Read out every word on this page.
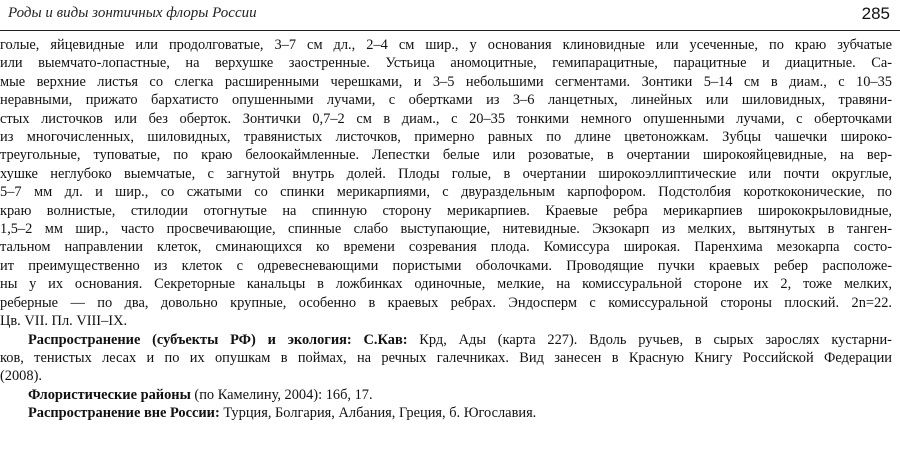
Роды и виды зонтичных флоры России	285
голые, яйцевидные или продолговатые, 3–7 см дл., 2–4 см шир., у основания клиновидные или усеченные, по краю зубчатые
или выемчато-лопастные, на верхушке заостренные. Устьица аномоцитные, гемипарацитные, парацитные и диацитные. Са-
мые верхние листья со слегка расширенными черешками, и 3–5 небольшими сегментами. Зонтики 5–14 см в диам., с 10–35
неравными, прижато бархатисто опушенными лучами, с обертками из 3–6 ланцетных, линейных или шиловидных, травяни-
стых листочков или без оберток. Зонтички 0,7–2 см в диам., с 20–35 тонкими немного опушенными лучами, с оберточками
из многочисленных, шиловидных, травянистых листочков, примерно равных по длине цветоножкам. Зубцы чашечки широко-
треугольные, туповатые, по краю белоокаймленные. Лепестки белые или розоватые, в очертании широкояйцевидные, на вер-
хушке неглубоко выемчатые, с загнутой внутрь долей. Плоды голые, в очертании широкоэллиптические или почти округлые,
5–7 мм дл. и шир., со сжатыми со спинки мерикарпиями, с двураздельным карпофором. Подстолбия короткоконические, по
краю волнистые, стилодии отогнутые на спинную сторону мерикарпиев. Краевые ребра мерикарпиев ширококрыловидные,
1,5–2 мм шир., часто просвечивающие, спинные слабо выступающие, нитевидные. Экзокарп из мелких, вытянутых в танген-
тальном направлении клеток, сминающихся ко времени созревания плода. Комиссура широкая. Паренхима мезокарпа состо-
ит преимущественно из клеток с одревесневающими пористыми оболочками. Проводящие пучки краевых ребер расположе-
ны у их основания. Секреторные канальцы в ложбинках одиночные, мелкие, на комиссуральной стороне их 2, тоже мелких,
реберные — по два, довольно крупные, особенно в краевых ребрах. Эндосперм с комиссуральной стороны плоский. 2n=22.
Цв. VII. Пл. VIII–IX.
Распространение (субъекты РФ) и экология: С.Кав: Крд, Ады (карта 227). Вдоль ручьев, в сырых зарослях кустарни-
ков, тенистых лесах и по их опушкам в поймах, на речных галечниках. Вид занесен в Красную Книгу Российской Федерации
(2008).
Флористические районы (по Камелину, 2004): 16б, 17.
Распространение вне России: Турция, Болгария, Албания, Греция, б. Югославия.
